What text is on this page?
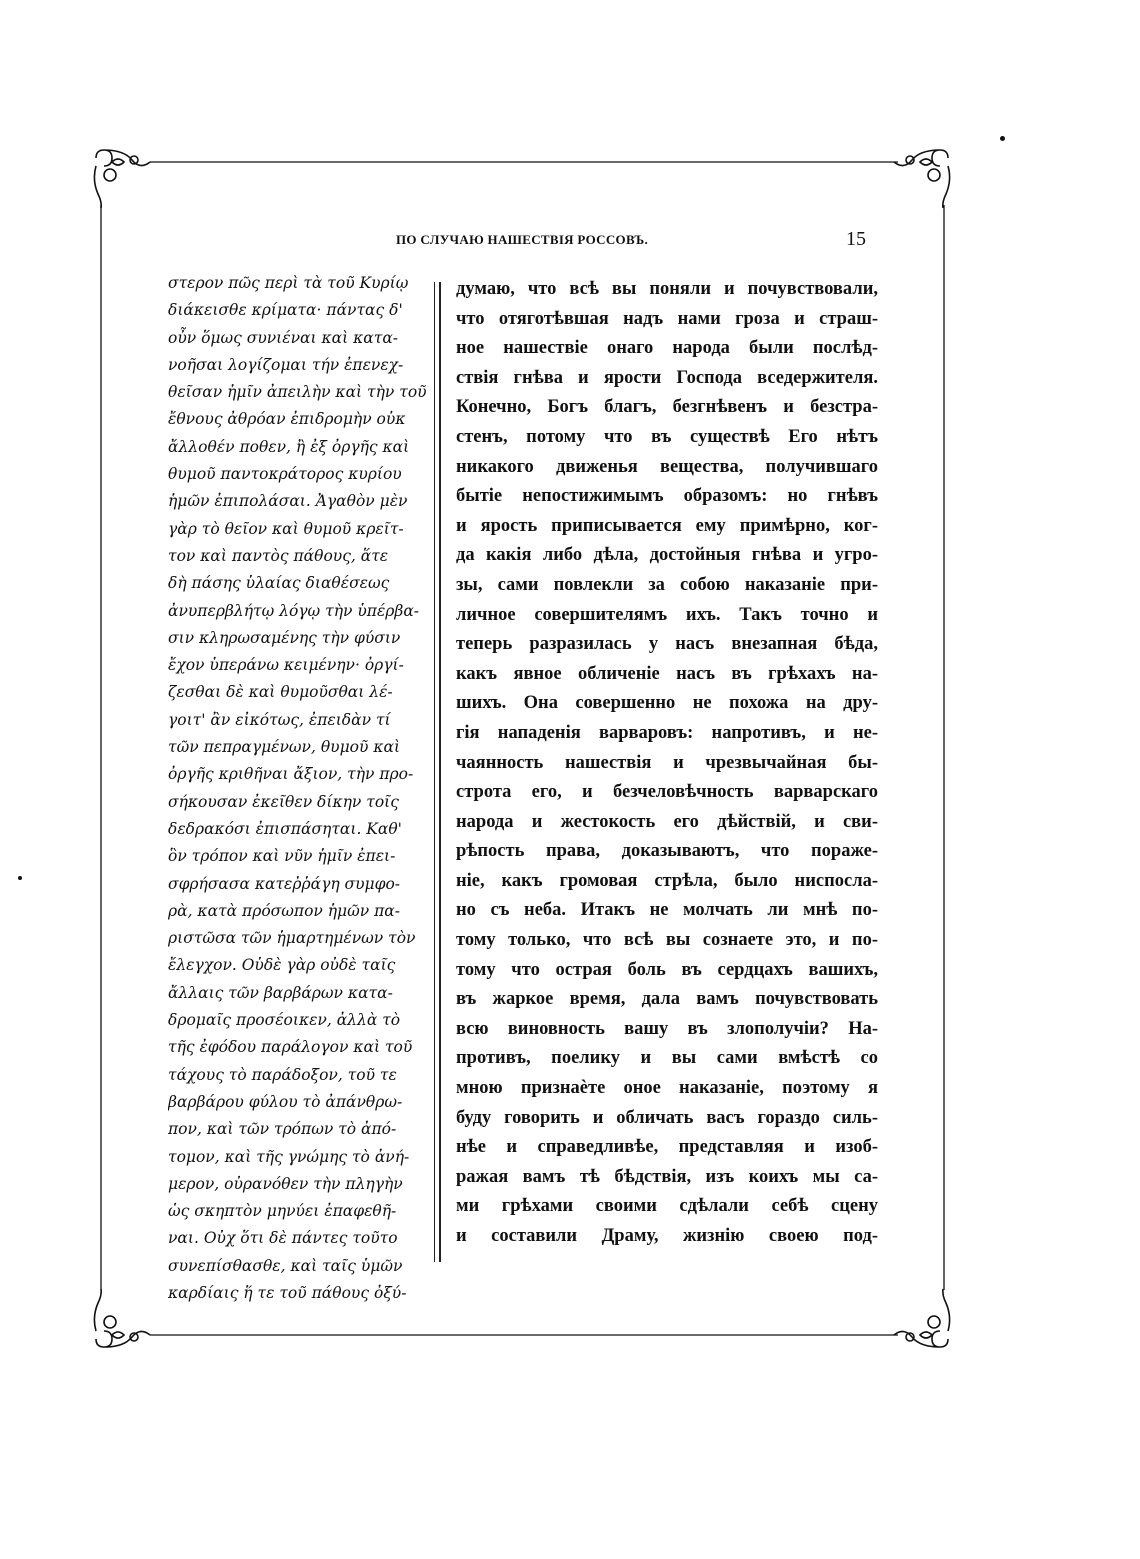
ПО СЛУЧАЮ НАШЕСТВІЯ РОССОВЪ.	15
στερον πῶς περὶ τὰ τοῦ Κυρίῳ
διάκεισθε κρίματα· πάντας δ'
οὖν ὅμως συνιέναι καὶ κατα-
νοῆσαι λογίζομαι τήν ἐπενεχ-
θεῖσαν ἡμῖν ἀπειλὴν καὶ τὴν τοῦ
ἔθνους ἀθρόαν ἐπιδρομὴν οὐκ
ἄλλοθέν ποθεν, ἢ ἐξ ὀργῆς καὶ
θυμοῦ παντοκράτορος κυρίου
ἡμῶν ἐπιπολάσαι. Ἀγαθὸν μὲν
γὰρ τὸ θεῖον καὶ θυμοῦ κρεῖτ-
τον καὶ παντὸς πάθους, ἅτε
δὴ πάσης ὑλαίας διαθέσεως
ἀνυπερβλήτῳ λόγῳ τὴν ὑπέρβα-
σιν κληρωσαμένης τὴν φύσιν
ἔχον ὑπεράνω κειμένην· ὀργί-
ζεσθαι δὲ καὶ θυμοῦσθαι λέ-
γοιτ' ἂν εἰκότως, ἐπειδὰν τί
τῶν πεπραγμένων, θυμοῦ καὶ
ὀργῆς κριθῆναι ἄξιον, τὴν προ-
σήκουσαν ἐκεῖθεν δίκην τοῖς
δεδρακόσι ἐπισπάσηται. Καθ'
ὃν τρόπον καὶ νῦν ἡμῖν ἐπει-
σφρήσασα κατεῤῥάγη συμφο-
ρὰ, κατὰ πρόσωπον ἡμῶν πα-
ριστῶσα τῶν ἡμαρτημένων τὸν
ἔλεγχον. Οὐδὲ γὰρ οὐδὲ ταῖς
ἄλλαις τῶν βαρβάρων κατα-
δρομαῖς προσέοικεν, ἀλλὰ τὸ
τῆς ἐφόδου παράλογον καὶ τοῦ
τάχους τὸ παράδοξον, τοῦ τε
βαρβάρου φύλου τὸ ἀπάνθρω-
πον, καὶ τῶν τρόπων τὸ ἀπό-
τομον, καὶ τῆς γνώμης τὸ ἀνή-
μερον, οὐρανόθεν τὴν πληγὴν
ὡς σκηπτὸν μηνύει ἐπαφεθῆ-
ναι. Οὐχ ὅτι δὲ πάντες τοῦτο
συνεπίσθασθε, καὶ ταῖς ὑμῶν
καρδίαις ἥ τε τοῦ πάθους ὀξύ-
думаю, что всѣ вы поняли и почувствовали,
что отяготѣвшая надъ нами гроза и страш-
ное нашествіе онаго народа были послѣд-
ствія гнѣва и ярости Господа вседержителя.
Конечно, Богъ благъ, безгнѣвенъ и безстра-
стенъ, потому что въ существѣ Его нѣтъ
никакого движенья вещества, получившаго
бытіе непостижимымъ образомъ: но гнѣвъ
и ярость приписывается ему примѣрно, ког-
да какія либо дѣла, достойныя гнѣва и угро-
зы, сами повлекли за собою наказаніе при-
личное совершителямъ ихъ. Такъ точно и
теперь разразилась у насъ внезапная бѣда,
какъ явное обличеніе насъ въ грѣхахъ на-
шихъ. Она совершенно не похожа на дру-
гія нападенія варваровъ: напротивъ, и не-
чаянность нашествія и чрезвычайная бы-
строта его, и безчеловѣчность варварскаго
народа и жестокость его дѣйствій, и сви-
рѣпость права, доказываютъ, что пораже-
ніе, какъ громовая стрѣла, было ниспосла-
но съ неба. Итакъ не молчать ли мнѣ по-
тому только, что всѣ вы сознаете это, и по-
тому что острая боль въ сердцахъ вашихъ,
въ жаркое время, дала вамъ почувствовать
всю виновность вашу въ злополучіи? На-
противъ, поелику и вы сами вмѣстѣ со
мною признаѐте оное наказаніе, поэтому я
буду говорить и обличать васъ гораздо силь-
нѣе и справедливѣе, представляя и изоб-
ражая вамъ тѣ бѣдствія, изъ коихъ мы са-
ми грѣхами своими сдѣлали себѣ сцену
и составили Драму, жизнію своею под-
